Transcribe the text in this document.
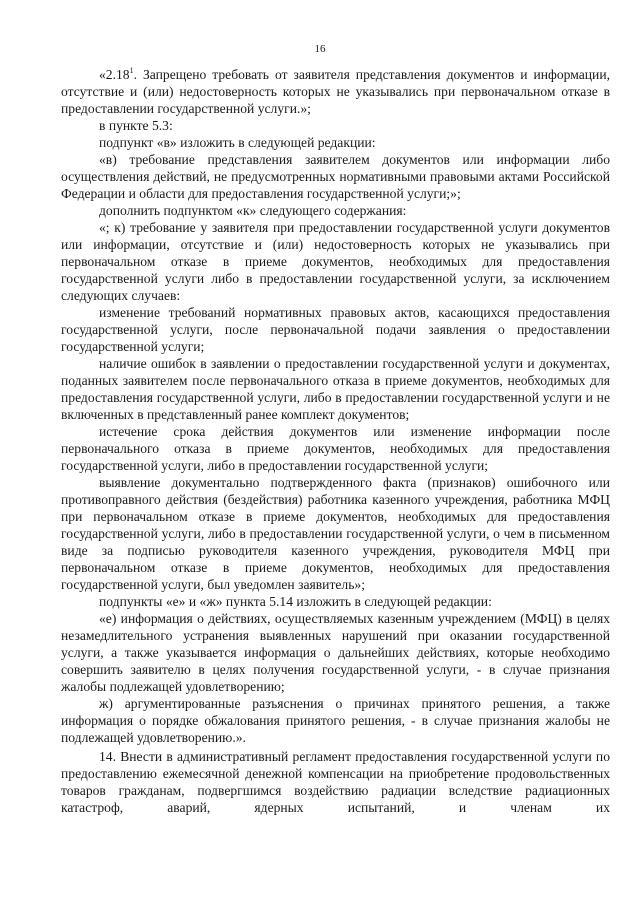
16

«2.18$^1$. Запрещено требовать от заявителя представления документов и информации, отсутствие и (или) недостоверность которых не указывались при первоначальном отказе в предоставлении государственной услуги.»;

в пункте 5.3:

подпункт «в» изложить в следующей редакции:

«в) требование представления заявителем документов или информации либо осуществления действий, не предусмотренных нормативными правовыми актами Российской Федерации и области для предоставления государственной услуги;»;

дополнить подпунктом «к» следующего содержания:

«; к) требование у заявителя при предоставлении государственной услуги документов или информации, отсутствие и (или) недостоверность которых не указывались при первоначальном отказе в приеме документов, необходимых для предоставления государственной услуги либо в предоставлении государственной услуги, за исключением следующих случаев:

изменение требований нормативных правовых актов, касающихся предоставления государственной услуги, после первоначальной подачи заявления о предоставлении государственной услуги;

наличие ошибок в заявлении о предоставлении государственной услуги и документах, поданных заявителем после первоначального отказа в приеме документов, необходимых для предоставления государственной услуги, либо в предоставлении государственной услуги и не включенных в представленный ранее комплект документов;

истечение срока действия документов или изменение информации после первоначального отказа в приеме документов, необходимых для предоставления государственной услуги, либо в предоставлении государственной услуги;

выявление документально подтвержденного факта (признаков) ошибочного или противоправного действия (бездействия) работника казенного учреждения, работника МФЦ при первоначальном отказе в приеме документов, необходимых для предоставления государственной услуги, либо в предоставлении государственной услуги, о чем в письменном виде за подписью руководителя казенного учреждения, руководителя МФЦ при первоначальном отказе в приеме документов, необходимых для предоставления государственной услуги, был уведомлен заявитель»;

подпункты «е» и «ж» пункта 5.14 изложить в следующей редакции:

«е) информация о действиях, осуществляемых казенным учреждением (МФЦ) в целях незамедлительного устранения выявленных нарушений при оказании государственной услуги, а также указывается информация о дальнейших действиях, которые необходимо совершить заявителю в целях получения государственной услуги, - в случае признания жалобы подлежащей удовлетворению;

ж) аргументированные разъяснения о причинах принятого решения, а также информация о порядке обжалования принятого решения, - в случае признания жалобы не подлежащей удовлетворению.».

14. Внести в административный регламент предоставления государственной услуги по предоставлению ежемесячной денежной компенсации на приобретение продовольственных товаров гражданам, подвергшимся воздействию радиации вследствие радиационных катастроф, аварий, ядерных испытаний, и членам их
